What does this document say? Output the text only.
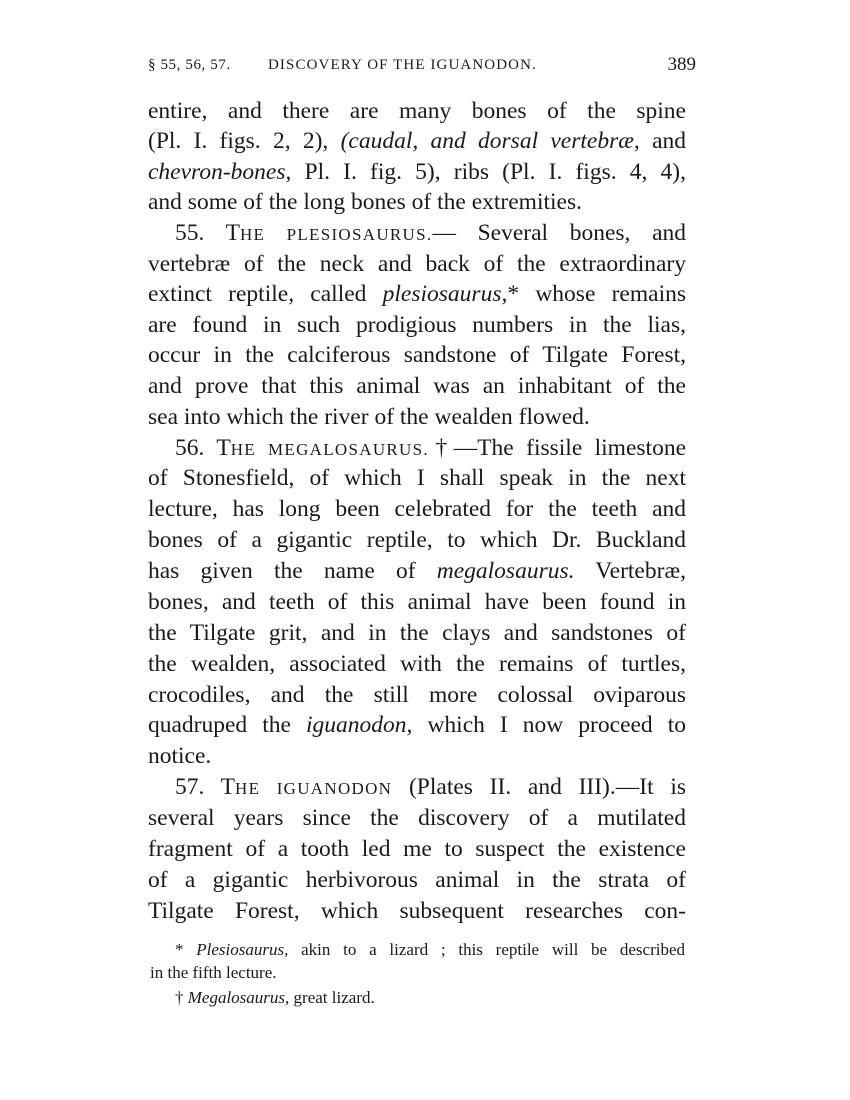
§ 55, 56, 57. DISCOVERY OF THE IGUANODON.	389
entire, and there are many bones of the spine
(Pl. I. figs. 2, 2), (caudal, and dorsal vertebræ, and
chevron-bones, Pl. I. fig. 5), ribs (Pl. I. figs. 4, 4),
and some of the long bones of the extremities.
55. THE PLESIOSAURUS.— Several bones, and
vertebræ of the neck and back of the extraordinary
extinct reptile, called plesiosaurus,* whose remains
are found in such prodigious numbers in the lias,
occur in the calciferous sandstone of Tilgate Forest,
and prove that this animal was an inhabitant of the
sea into which the river of the wealden flowed.
56. THE MEGALOSAURUS.†—The fissile limestone
of Stonesfield, of which I shall speak in the next
lecture, has long been celebrated for the teeth and
bones of a gigantic reptile, to which Dr. Buckland
has given the name of megalosaurus. Vertebræ,
bones, and teeth of this animal have been found in
the Tilgate grit, and in the clays and sandstones of
the wealden, associated with the remains of turtles,
crocodiles, and the still more colossal oviparous
quadruped the iguanodon, which I now proceed to
notice.
57. THE IGUANODON (Plates II. and III).—It is
several years since the discovery of a mutilated
fragment of a tooth led me to suspect the existence
of a gigantic herbivorous animal in the strata of
Tilgate Forest, which subsequent researches con-
* Plesiosaurus, akin to a lizard ; this reptile will be described
in the fifth lecture.
† Megalosaurus, great lizard.
